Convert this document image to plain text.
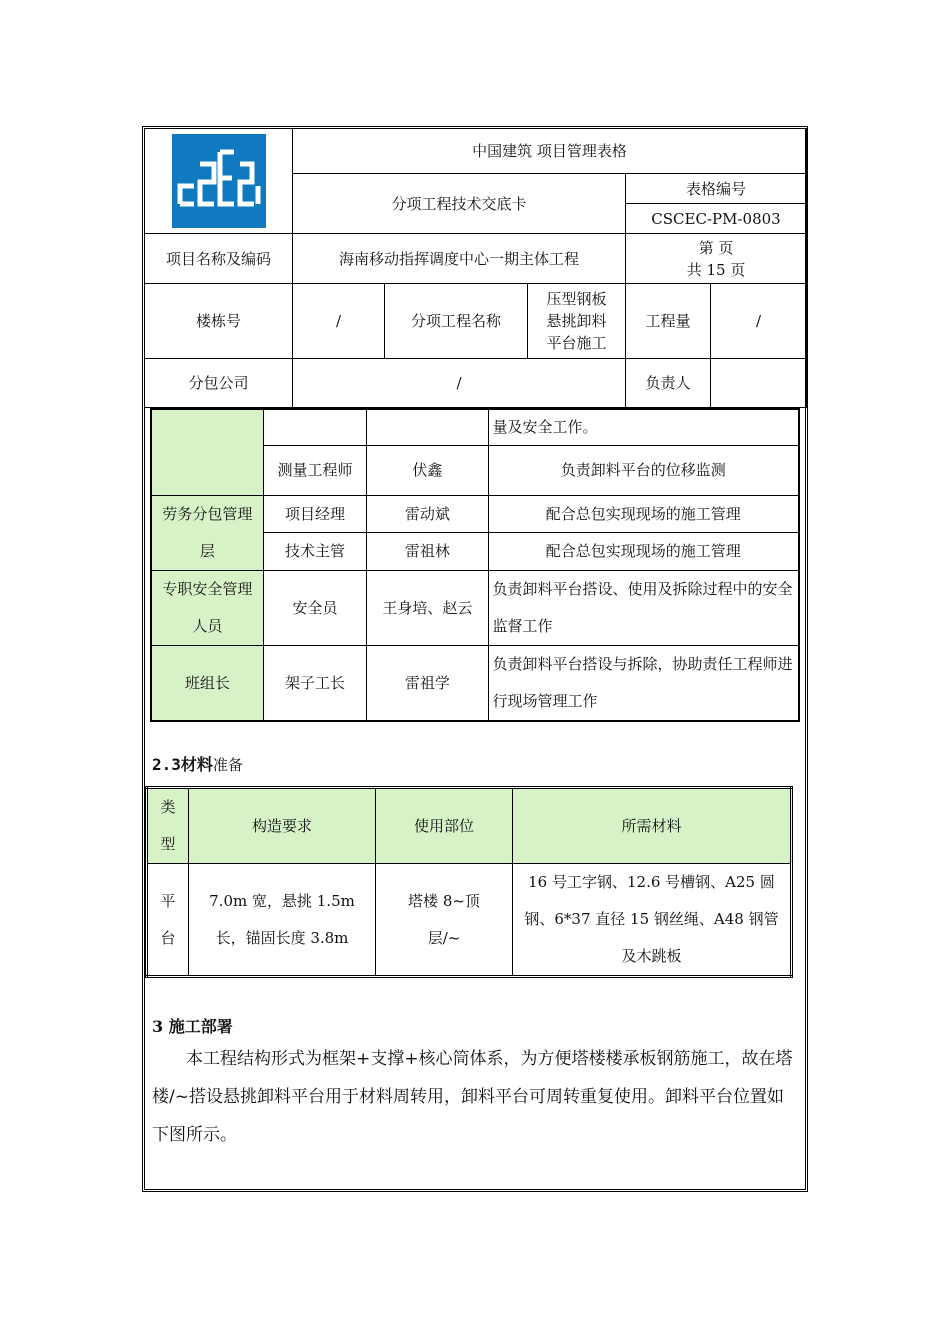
	中国建筑 项目管理表格				
	分项工程技术交底卡			表格编号	
				CSCEC-PM-0803	
项目名称及编码	海南移动指挥调度中心一期主体工程			第 页
共 15 页	

楼栋号	/	分项工程名称	压型钢板悬挑卸料平台施工	工程量	/
分包公司	/			负责人	
			量及安全工作。
	测量工程师	伏鑫	负责卸料平台的位移监测
劳务分包管理层	项目经理	雷动斌	配合总包实现现场的施工管理
	技术主管	雷祖林	配合总包实现现场的施工管理
专职安全管理人员	安全员	王身培、赵云	负责卸料平台搭设、使用及拆除过程中的安全监督工作
班组长	架子工长	雷祖学	负责卸料平台搭设与拆除，协助责任工程师进行现场管理工作
2.3材料准备
类型	构造要求	使用部位	所需材料
平台	7.0m 宽，悬挑 1.5m 长，锚固长度 3.8m	塔楼 8~顶层/~	16 号工字钢、12.6 号槽钢、A25 圆钢、6*37 直径 15 钢丝绳、A48 钢管及木跳板
3 施工部署
本工程结构形式为框架+支撑+核心筒体系，为方便塔楼楼承板钢筋施工，故在塔楼/~搭设悬挑卸料平台用于材料周转用，卸料平台可周转重复使用。卸料平台位置如下图所示。
